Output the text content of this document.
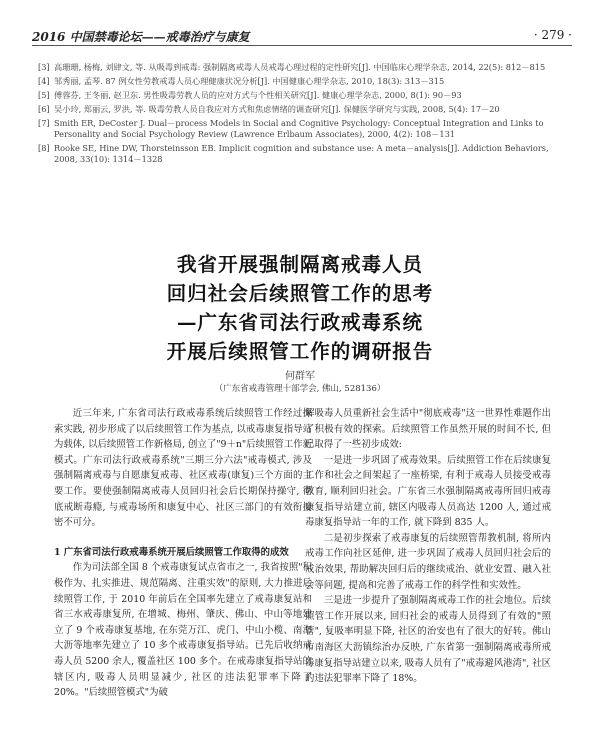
2016 中国禁毒论坛——戒毒治疗与康复	· 279 ·
[3] 高珊珊, 杨梅, 刘肆文, 等. 从吸毒到戒毒: 强制隔离戒毒人员戒毒心理过程的定性研究[J]. 中国临床心理学杂志, 2014, 22(5): 812－815
[4] 邹秀丽, 孟琴. 87 例女性劳教戒毒人员心理健康状况分析[J]. 中国健康心理学杂志, 2010, 18(3): 313－315
[5] 傅蓉芬, 王冬丽, 赵卫东. 男性吸毒劳教人员的应对方式与个性相关研究[J]. 健康心理学杂志, 2000, 8(1): 90－93
[6] 吴小玲, 郑丽云, 罗洪, 等. 吸毒劳教人员自我应对方式和焦虑情绪的调查研究[J]. 保健医学研究与实践, 2008, 5(4): 17－20
[7] Smith ER, DeCoster J. Dual－process Models in Social and Cognitive Psychology: Conceptual Integration and Links to Personality and Social Psychology Review (Lawrence Erlbaum Associates), 2000, 4(2): 108－131
[8] Rooke SE, Hine DW, Thorsteinsson EB. Implicit cognition and substance use: A meta－analysis[J]. Addiction Behaviors, 2008, 33(10): 1314－1328
我省开展强制隔离戒毒人员
回归社会后续照管工作的思考
—广东省司法行政戒毒系统
开展后续照管工作的调研报告
何群军
（广东省戒毒管理十部学会, 佛山, 528136）

近三年来, 广东省司法行政戒毒系统后续照管工作经过探索实践, 初步形成了以后续照管工作为基点, 以戒毒康复指导站为载体, 以后续照管工作新格局, 创立了"9＋n"后续照管工作新模式。广东司法行政戒毒系统"三期三分六法"戒毒模式, 涉及强制隔离戒毒与自愿康复戒毒、社区戒毒(康复)三个方面的主要工作。要使强制隔离戒毒人员回归社会后长期保持操守, 彻底戒断毒瘾, 与戒毒场所和康复中心、社区三部门的有效衔接密不可分。

1 广东省司法行政戒毒系统开展后续照管工作取得的成效

作为司法部全国 8 个戒毒康复试点省市之一, 我省按照"积极作为、扎实推进、规范隔离、注重实效"的原则, 大力推进后续照管工作, 于 2010 年前后在全国率先建立了戒毒康复站和省三水戒毒康复所, 在增城、梅州、肇庆、佛山、中山等地建立了 9 个戒毒康复基地, 在东莞万江、虎门、中山小榄、南海大沥等地率先建立了 10 多个戒毒康复指导站。已先后收纳戒毒人员 5200 余人, 覆盖社区 100 多个。在戒毒康复指导站的辖区内, 吸毒人员明显减少, 社区的违法犯罪率下降了 20%。"后续照管模式"为破

解吸毒人员重新社会生活中"彻底戒毒"这一世界性难题作出了积极有效的探索。后续照管工作虽然开展的时间不长, 但已取得了一些初步成效:

一是进一步巩固了戒毒效果。后续照管工作在后续康复工作和社会之间架起了一座桥梁, 有利于戒毒人员接受戒毒教育, 顺利回归社会。广东省三水强制隔离戒毒所回归戒毒康复指导站建立前, 辖区内吸毒人员高达 1200 人, 通过戒毒康复指导站一年的工作, 就下降到 835 人。

二是初步探索了戒毒康复的后续照管帮教机制, 将所内戒毒工作向社区延伸, 进一步巩固了戒毒人员回归社会后的戒治效果, 帮助解决回归后的继续戒治、就业安置、融入社会等问题, 提高和完善了戒毒工作的科学性和实效性。

三是进一步提升了强制隔离戒毒工作的社会地位。后续照管工作开展以来, 回归社会的戒毒人员得到了有效的"照管", 复吸率明显下降, 社区的治安也有了很大的好转。佛山市南海区大沥镇综治办反映, 广东省第一强制隔离戒毒所戒毒康复指导站建立以来, 吸毒人员有了"戒毒避风港湾", 社区的违法犯罪率下降了 18%。
